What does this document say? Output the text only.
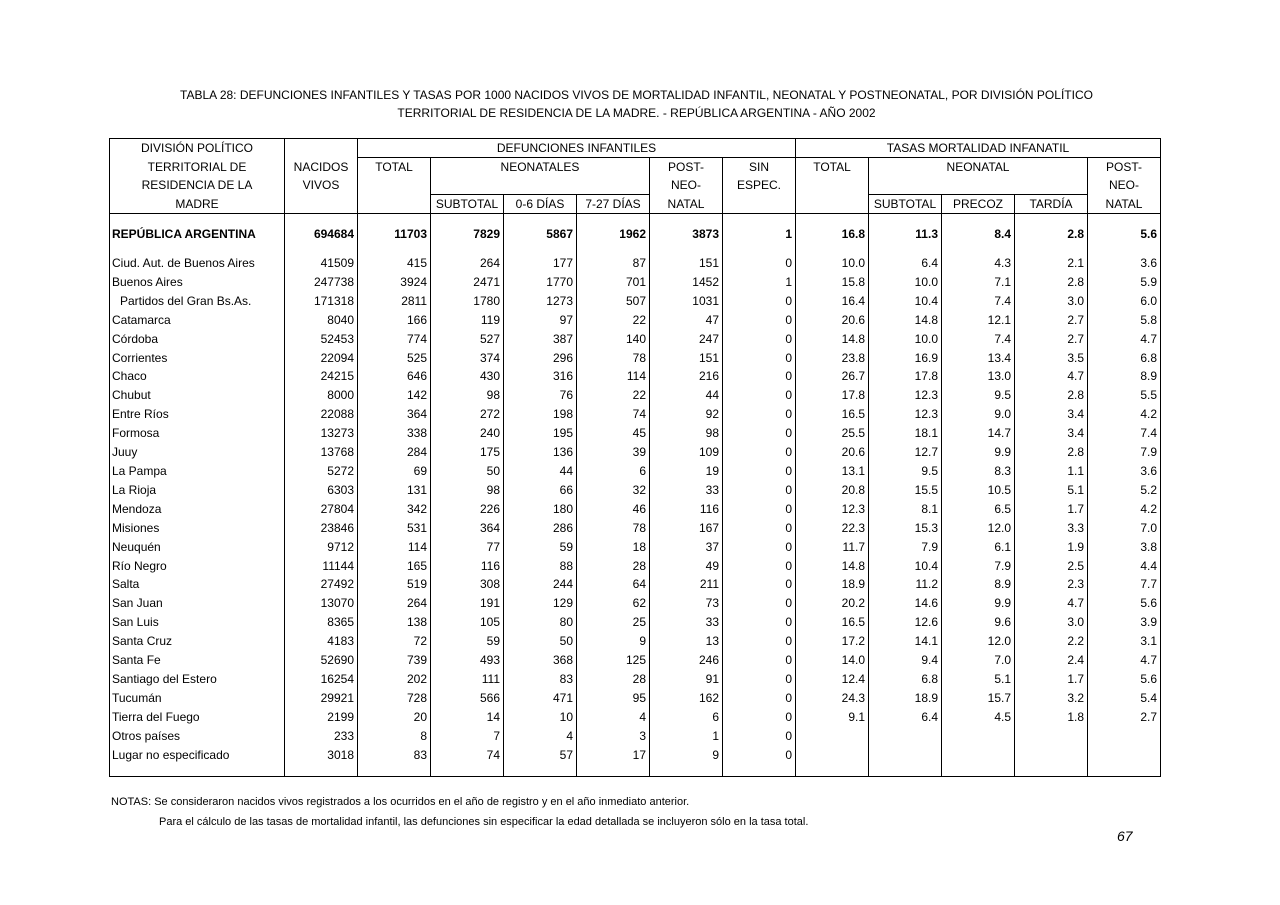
TABLA 28: DEFUNCIONES INFANTILES Y TASAS POR 1000 NACIDOS VIVOS DE MORTALIDAD INFANTIL, NEONATAL Y POSTNEONATAL, POR DIVISIÓN POLÍTICO
TERRITORIAL DE RESIDENCIA DE LA MADRE. - REPÚBLICA ARGENTINA - AÑO 2002
DIVISIÓN POLÍTICO		DEFUNCIONES INFANTILES						TASAS MORTALIDAD INFANATIL				
TERRITORIAL DE	NACIDOS	TOTAL	NEONATALES			POST-	SIN	TOTAL	NEONATAL			POST-
RESIDENCIA DE LA	VIVOS					NEO-	ESPEC.					NEO-
MADRE			SUBTOTAL	0-6 DÍAS	7-27 DÍAS	NATAL			SUBTOTAL	PRECOZ	TARDÍA	NATAL
REPÚBLICA ARGENTINA	694684	11703	7829	5867	1962	3873	1	16.8	11.3	8.4	2.8	5.6

Ciud. Aut. de Buenos Aires	41509	415	264	177	87	151	0	10.0	6.4	4.3	2.1	3.6
Buenos Aires	247738	3924	2471	1770	701	1452	1	15.8	10.0	7.1	2.8	5.9
Partidos del Gran Bs.As.	171318	2811	1780	1273	507	1031	0	16.4	10.4	7.4	3.0	6.0
Catamarca	8040	166	119	97	22	47	0	20.6	14.8	12.1	2.7	5.8
Córdoba	52453	774	527	387	140	247	0	14.8	10.0	7.4	2.7	4.7
Corrientes	22094	525	374	296	78	151	0	23.8	16.9	13.4	3.5	6.8
Chaco	24215	646	430	316	114	216	0	26.7	17.8	13.0	4.7	8.9
Chubut	8000	142	98	76	22	44	0	17.8	12.3	9.5	2.8	5.5
Entre Ríos	22088	364	272	198	74	92	0	16.5	12.3	9.0	3.4	4.2
Formosa	13273	338	240	195	45	98	0	25.5	18.1	14.7	3.4	7.4
Juuy	13768	284	175	136	39	109	0	20.6	12.7	9.9	2.8	7.9
La Pampa	5272	69	50	44	6	19	0	13.1	9.5	8.3	1.1	3.6
La Rioja	6303	131	98	66	32	33	0	20.8	15.5	10.5	5.1	5.2
Mendoza	27804	342	226	180	46	116	0	12.3	8.1	6.5	1.7	4.2
Misiones	23846	531	364	286	78	167	0	22.3	15.3	12.0	3.3	7.0
Neuquén	9712	114	77	59	18	37	0	11.7	7.9	6.1	1.9	3.8
Río Negro	11144	165	116	88	28	49	0	14.8	10.4	7.9	2.5	4.4
Salta	27492	519	308	244	64	211	0	18.9	11.2	8.9	2.3	7.7
San Juan	13070	264	191	129	62	73	0	20.2	14.6	9.9	4.7	5.6
San Luis	8365	138	105	80	25	33	0	16.5	12.6	9.6	3.0	3.9
Santa Cruz	4183	72	59	50	9	13	0	17.2	14.1	12.0	2.2	3.1
Santa Fe	52690	739	493	368	125	246	0	14.0	9.4	7.0	2.4	4.7
Santiago del Estero	16254	202	111	83	28	91	0	12.4	6.8	5.1	1.7	5.6
Tucumán	29921	728	566	471	95	162	0	24.3	18.9	15.7	3.2	5.4
Tierra del Fuego	2199	20	14	10	4	6	0	9.1	6.4	4.5	1.8	2.7
Otros países	233	8	7	4	3	1	0					
Lugar no especificado	3018	83	74	57	17	9	0					

NOTAS: Se consideraron nacidos vivos registrados a los ocurridos en el año de registro y en el año inmediato anterior.
Para el cálculo de las tasas de mortalidad infantil, las defunciones sin especificar la edad detallada se incluyeron sólo en la tasa total.
67
